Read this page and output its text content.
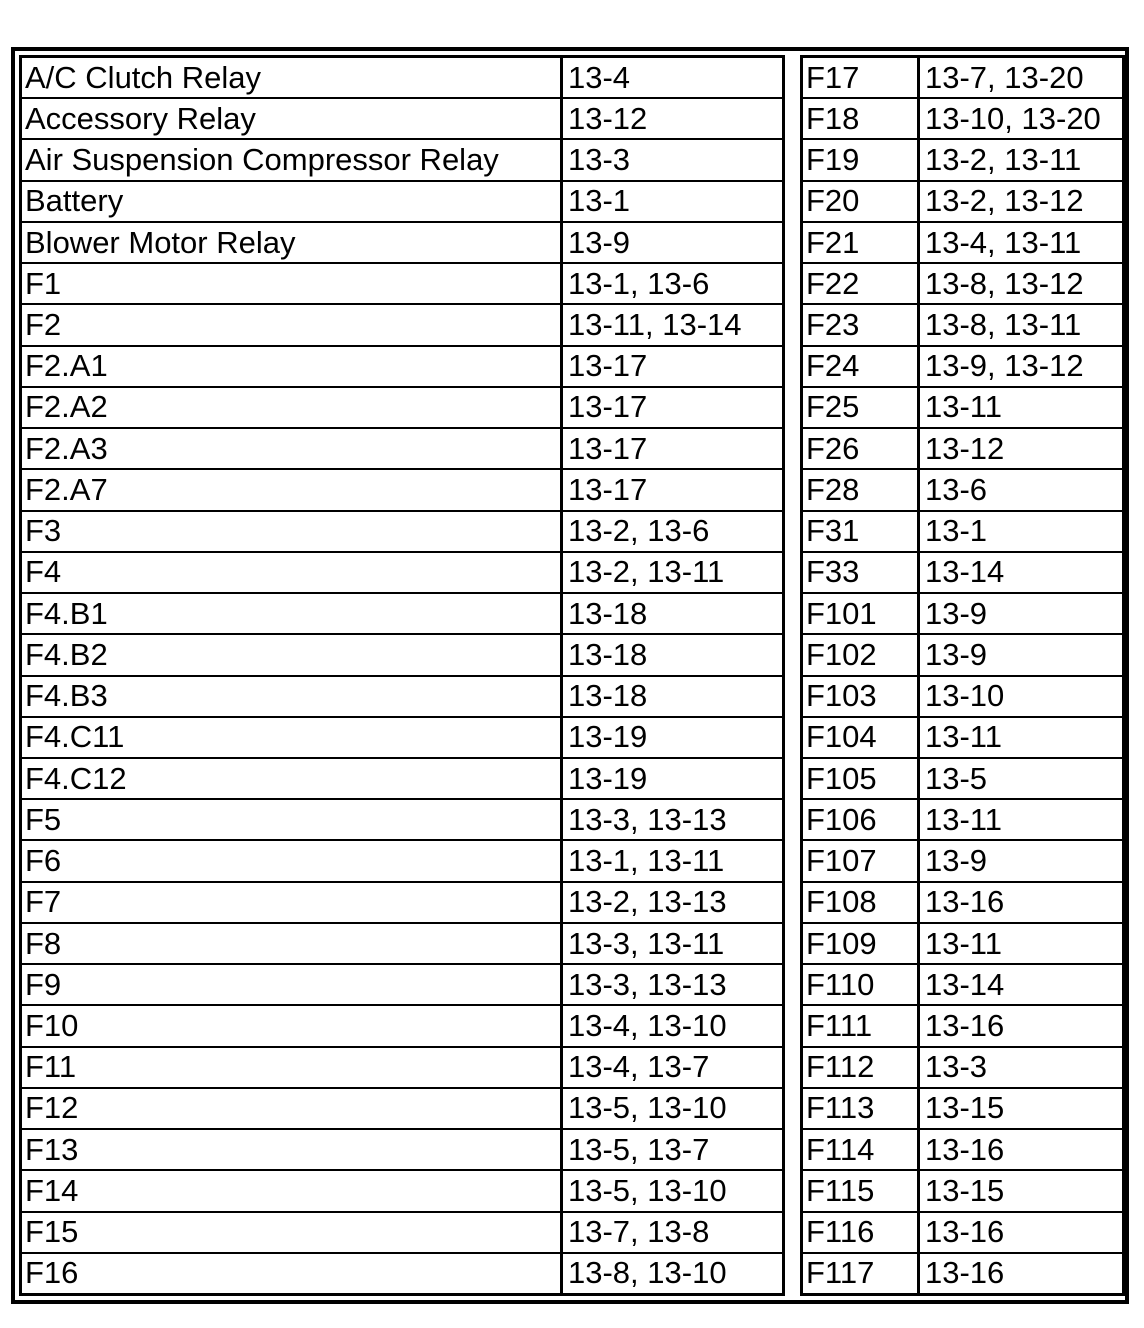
A/C Clutch Relay	13-4
Accessory Relay	13-12
Air Suspension Compressor Relay	13-3
Battery	13-1
Blower Motor Relay	13-9
F1	13-1, 13-6
F2	13-11, 13-14
F2.A1	13-17
F2.A2	13-17
F2.A3	13-17
F2.A7	13-17
F3	13-2, 13-6
F4	13-2, 13-11
F4.B1	13-18
F4.B2	13-18
F4.B3	13-18
F4.C11	13-19
F4.C12	13-19
F5	13-3, 13-13
F6	13-1, 13-11
F7	13-2, 13-13
F8	13-3, 13-11
F9	13-3, 13-13
F10	13-4, 13-10
F11	13-4, 13-7
F12	13-5, 13-10
F13	13-5, 13-7
F14	13-5, 13-10
F15	13-7, 13-8
F16	13-8, 13-10
F17	13-7, 13-20
F18	13-10, 13-20
F19	13-2, 13-11
F20	13-2, 13-12
F21	13-4, 13-11
F22	13-8, 13-12
F23	13-8, 13-11
F24	13-9, 13-12
F25	13-11
F26	13-12
F28	13-6
F31	13-1
F33	13-14
F101	13-9
F102	13-9
F103	13-10
F104	13-11
F105	13-5
F106	13-11
F107	13-9
F108	13-16
F109	13-11
F110	13-14
F111	13-16
F112	13-3
F113	13-15
F114	13-16
F115	13-15
F116	13-16
F117	13-16
